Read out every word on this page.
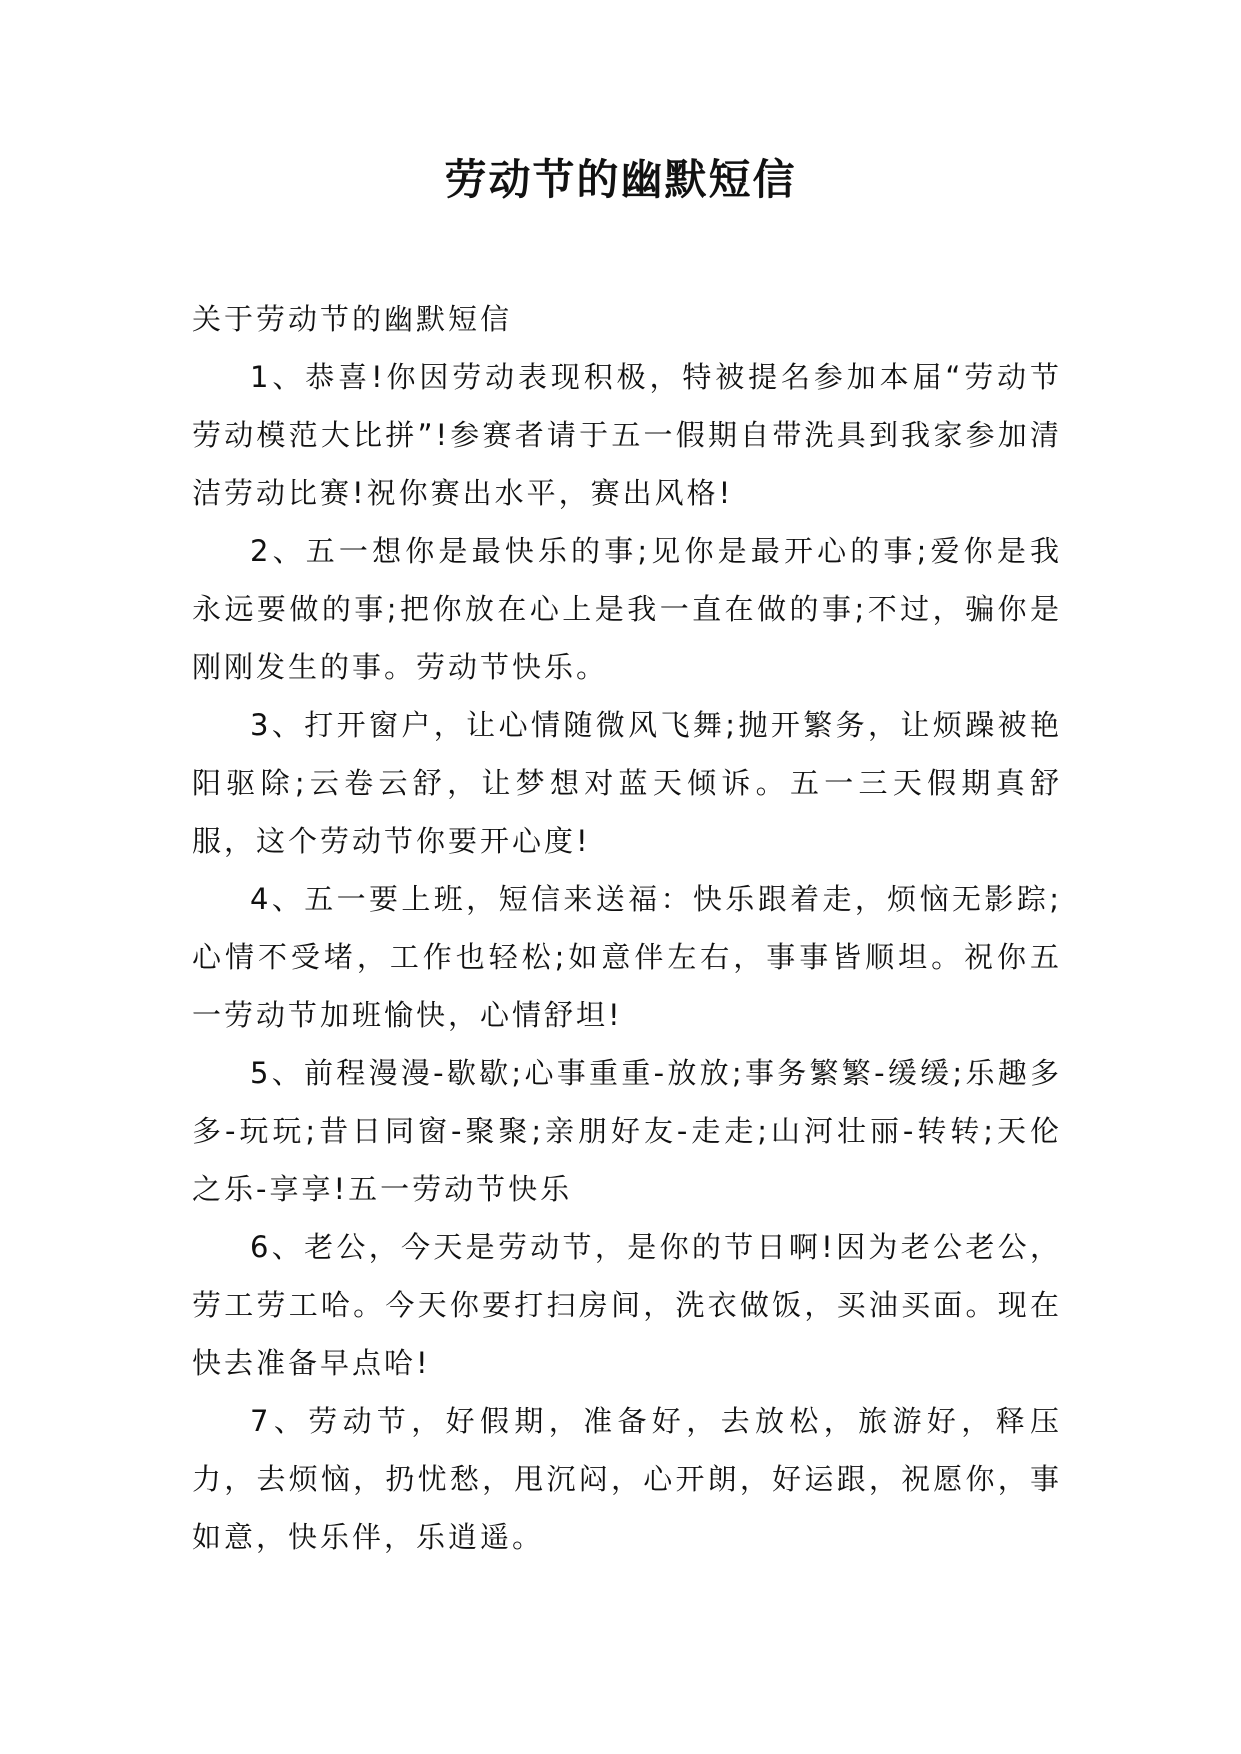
劳动节的幽默短信

关于劳动节的幽默短信

1、恭喜!你因劳动表现积极，特被提名参加本届“劳动节劳动模范大比拼”!参赛者请于五一假期自带洗具到我家参加清洁劳动比赛!祝你赛出水平，赛出风格!

2、五一想你是最快乐的事;见你是最开心的事;爱你是我永远要做的事;把你放在心上是我一直在做的事;不过，骗你是刚刚发生的事。劳动节快乐。

3、打开窗户，让心情随微风飞舞;抛开繁务，让烦躁被艳阳驱除;云卷云舒，让梦想对蓝天倾诉。五一三天假期真舒服，这个劳动节你要开心度!

4、五一要上班，短信来送福：快乐跟着走，烦恼无影踪;心情不受堵，工作也轻松;如意伴左右，事事皆顺坦。祝你五一劳动节加班愉快，心情舒坦!

5、前程漫漫-歇歇;心事重重-放放;事务繁繁-缓缓;乐趣多多-玩玩;昔日同窗-聚聚;亲朋好友-走走;山河壮丽-转转;天伦之乐-享享!五一劳动节快乐

6、老公，今天是劳动节，是你的节日啊!因为老公老公，劳工劳工哈。今天你要打扫房间，洗衣做饭，买油买面。现在快去准备早点哈!

7、劳动节，好假期，准备好，去放松，旅游好，释压力，去烦恼，扔忧愁，甩沉闷，心开朗，好运跟，祝愿你，事如意，快乐伴，乐逍遥。
